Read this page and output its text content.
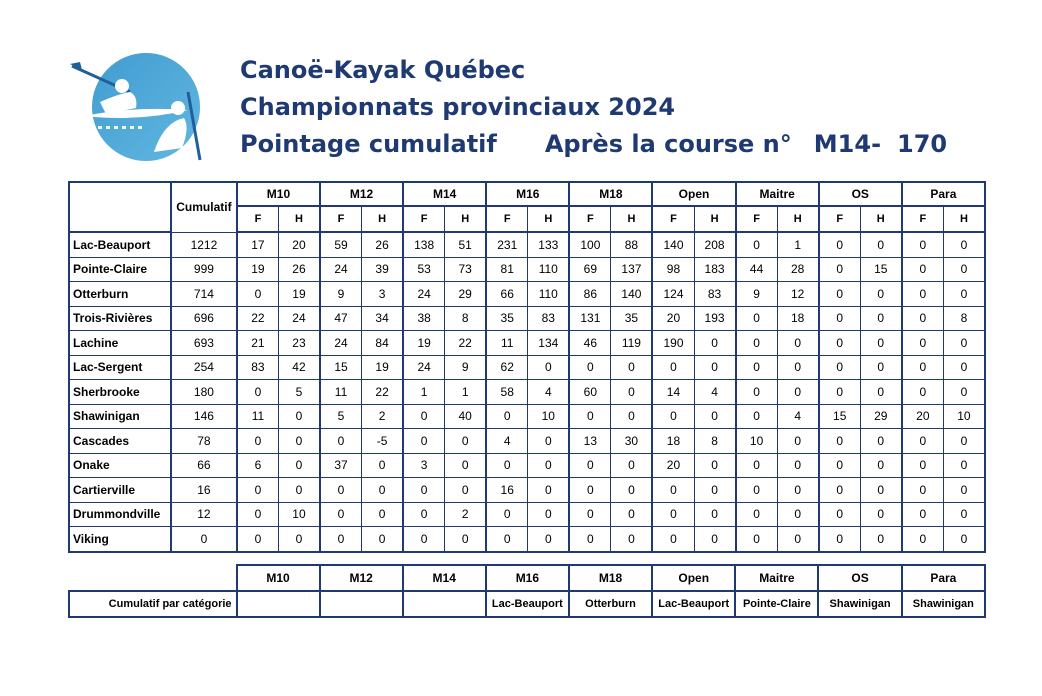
Canoë-Kayak Québec
Championnats provinciaux 2024
Pointage cumulatif Après la course n° M14- 170
	Cumulatif	M10		M12		M14		M16		M18		Open		Maitre		OS		Para	
		F	H	F	H	F	H	F	H	F	H	F	H	F	H	F	H	F	H
Lac-Beauport	1212	17	20	59	26	138	51	231	133	100	88	140	208	0	1	0	0	0	0
Pointe-Claire	999	19	26	24	39	53	73	81	110	69	137	98	183	44	28	0	15	0	0
Otterburn	714	0	19	9	3	24	29	66	110	86	140	124	83	9	12	0	0	0	0
Trois-Rivières	696	22	24	47	34	38	8	35	83	131	35	20	193	0	18	0	0	0	8
Lachine	693	21	23	24	84	19	22	11	134	46	119	190	0	0	0	0	0	0	0
Lac-Sergent	254	83	42	15	19	24	9	62	0	0	0	0	0	0	0	0	0	0	0
Sherbrooke	180	0	5	11	22	1	1	58	4	60	0	14	4	0	0	0	0	0	0
Shawinigan	146	11	0	5	2	0	40	0	10	0	0	0	0	0	4	15	29	20	10
Cascades	78	0	0	0	-5	0	0	4	0	13	30	18	8	10	0	0	0	0	0
Onake	66	6	0	37	0	3	0	0	0	0	0	20	0	0	0	0	0	0	0
Cartierville	16	0	0	0	0	0	0	16	0	0	0	0	0	0	0	0	0	0	0
Drummondville	12	0	10	0	0	0	2	0	0	0	0	0	0	0	0	0	0	0	0
Viking	0	0	0	0	0	0	0	0	0	0	0	0	0	0	0	0	0	0	0
	M10	M12	M14	M16	M18	Open	Maitre	OS	Para
Cumulatif par catégorie				Lac-Beauport	Otterburn	Lac-Beauport	Pointe-Claire	Shawinigan	Shawinigan
